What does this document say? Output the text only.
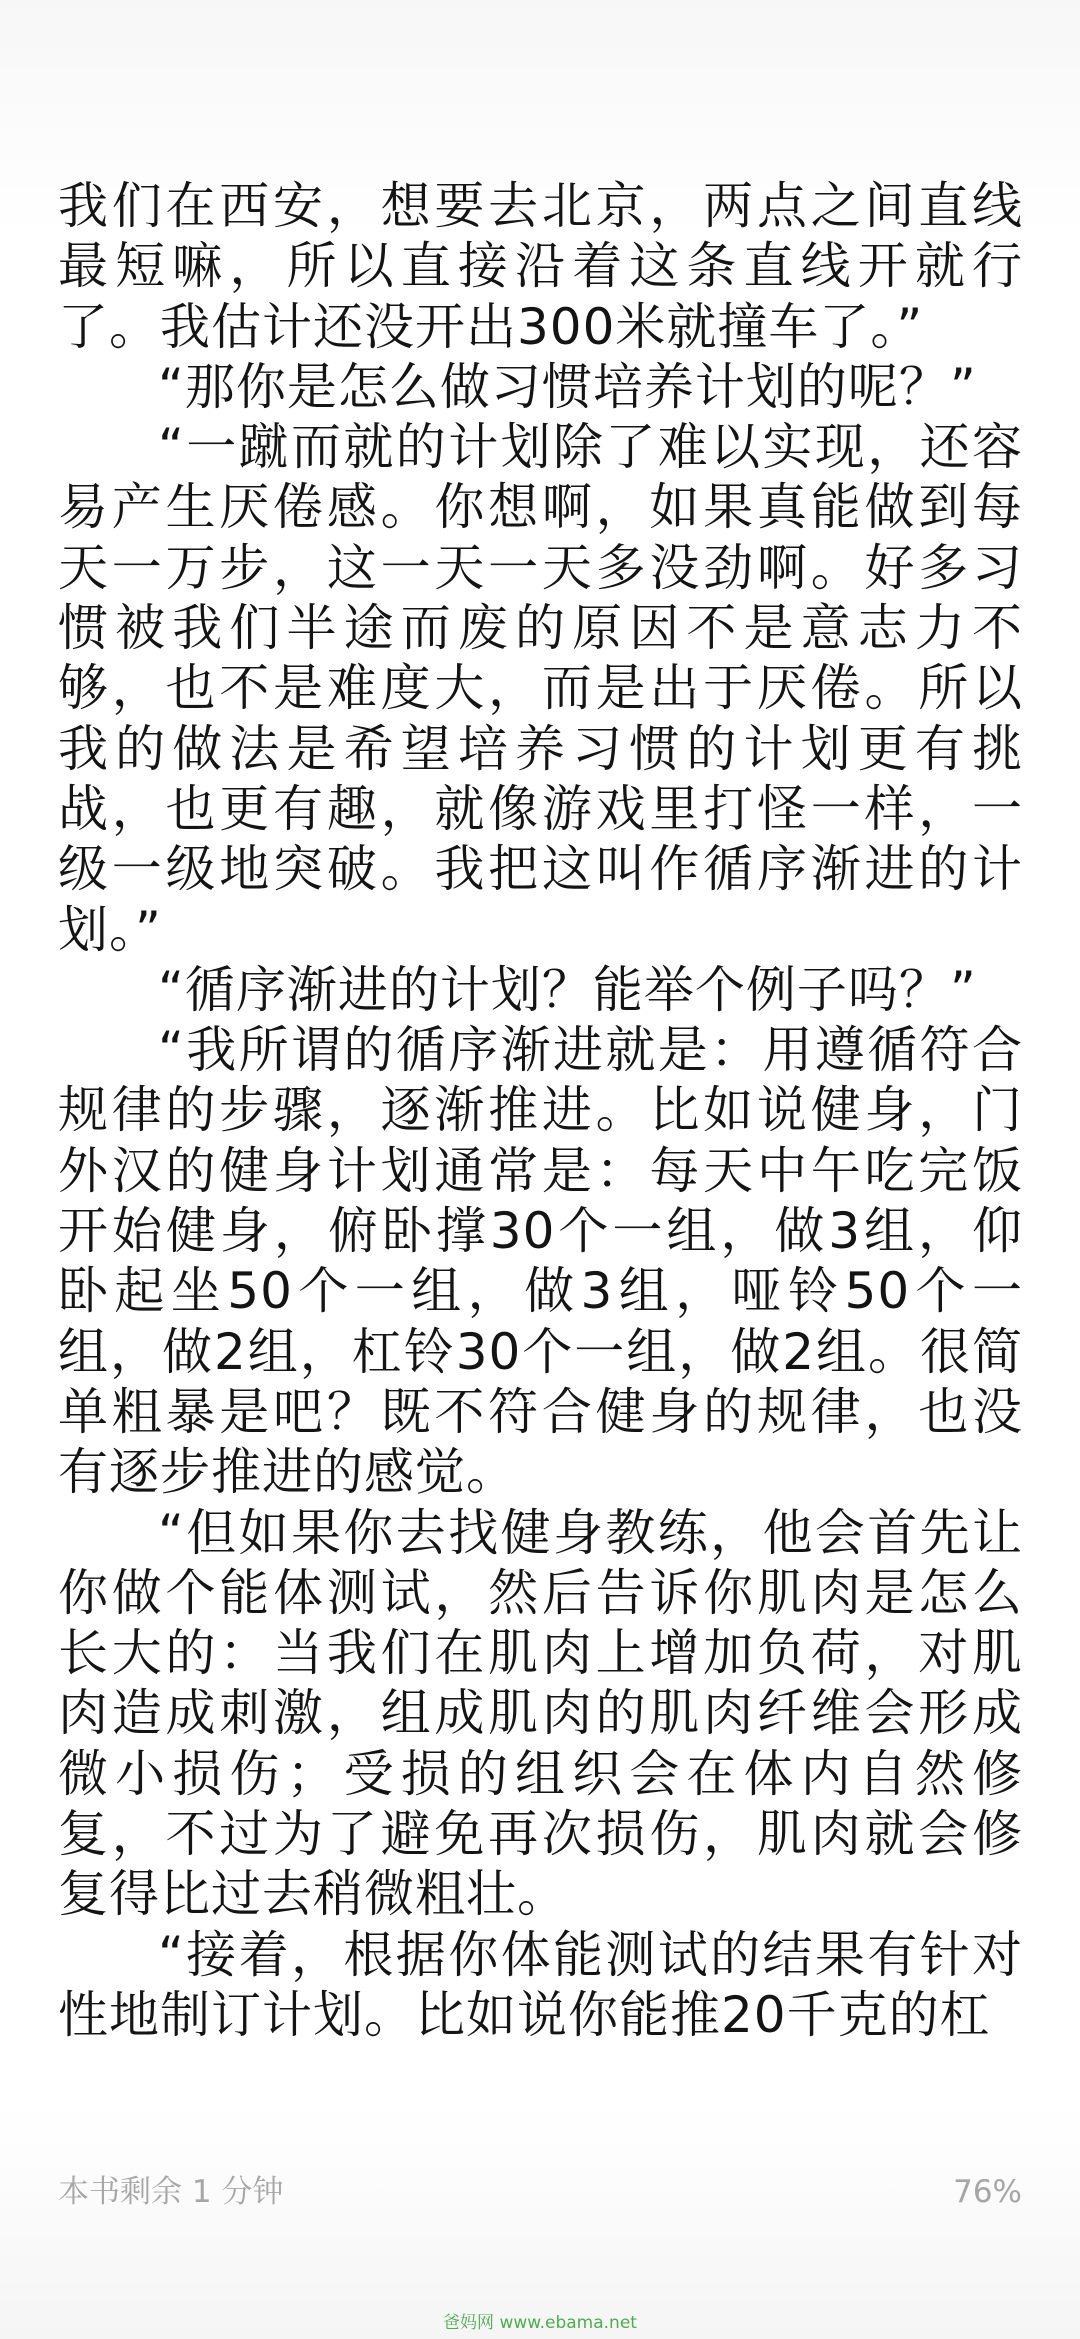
我们在西安，想要去北京，两点之间直线最短嘛，所以直接沿着这条直线开就行了。我估计还没开出300米就撞车了。”

“那你是怎么做习惯培养计划的呢？”

“一蹴而就的计划除了难以实现，还容易产生厌倦感。你想啊，如果真能做到每天一万步，这一天一天多没劲啊。好多习惯被我们半途而废的原因不是意志力不够，也不是难度大，而是出于厌倦。所以我的做法是希望培养习惯的计划更有挑战，也更有趣，就像游戏里打怪一样，一级一级地突破。我把这叫作循序渐进的计划。”

“循序渐进的计划？能举个例子吗？”

“我所谓的循序渐进就是：用遵循符合规律的步骤，逐渐推进。比如说健身，门外汉的健身计划通常是：每天中午吃完饭开始健身，俯卧撑30个一组，做3组，仰卧起坐50个一组，做3组，哑铃50个一组，做2组，杠铃30个一组，做2组。很简单粗暴是吧？既不符合健身的规律，也没有逐步推进的感觉。

“但如果你去找健身教练，他会首先让你做个能体测试，然后告诉你肌肉是怎么长大的：当我们在肌肉上增加负荷，对肌肉造成刺激，组成肌肉的肌肉纤维会形成微小损伤；受损的组织会在体内自然修复，不过为了避免再次损伤，肌肉就会修复得比过去稍微粗壮。

“接着，根据你体能测试的结果有针对性地制订计划。比如说你能推20千克的杠

本书剩余 1 分钟	76%
爸妈网 www.ebama.net
